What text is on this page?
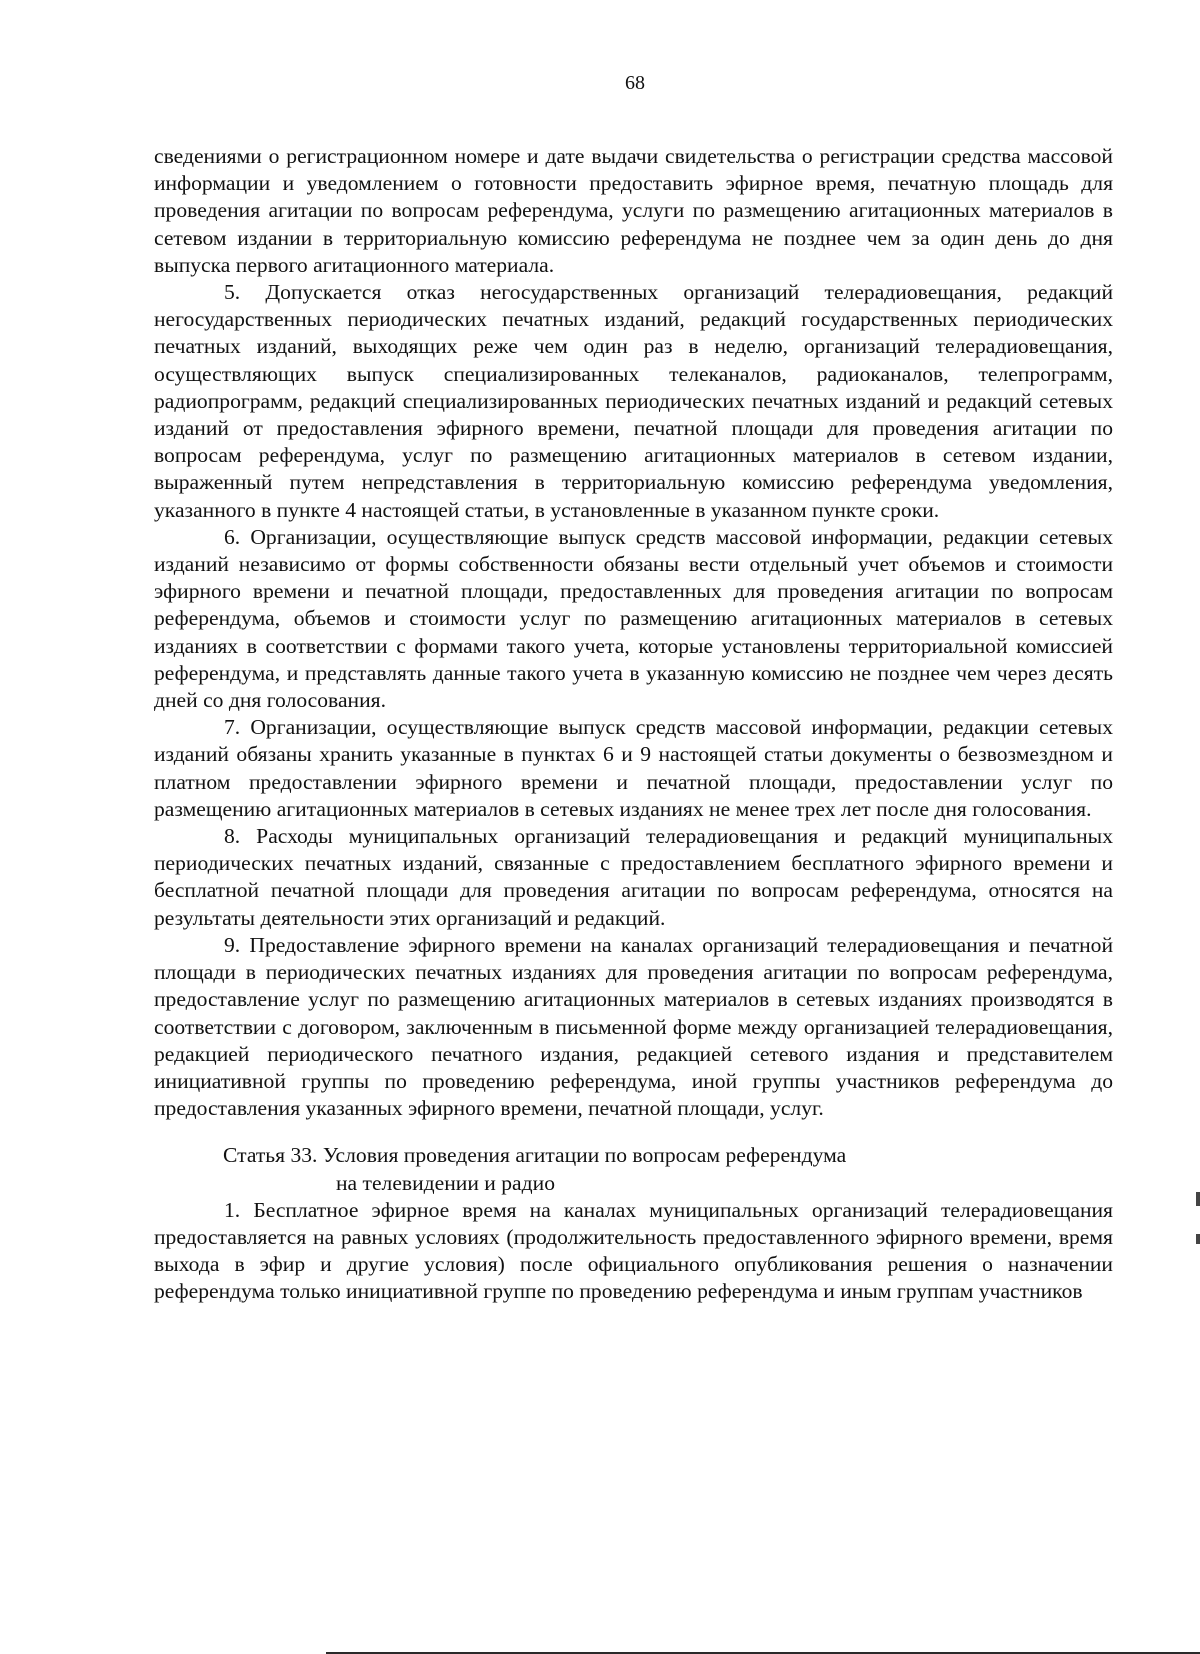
68

сведениями о регистрационном номере и дате выдачи свидетельства о регистрации средства массовой информации и уведомлением о готовности предоставить эфирное время, печатную площадь для проведения агитации по вопросам референдума, услуги по размещению агитационных материалов в сетевом издании в территориальную комиссию референдума не позднее чем за один день до дня выпуска первого агитационного материала.

5. Допускается отказ негосударственных организаций телерадиовещания, редакций негосударственных периодических печатных изданий, редакций государственных периодических печатных изданий, выходящих реже чем один раз в неделю, организаций телерадиовещания, осуществляющих выпуск специализированных телеканалов, радиоканалов, телепрограмм, радиопрограмм, редакций специализированных периодических печатных изданий и редакций сетевых изданий от предоставления эфирного времени, печатной площади для проведения агитации по вопросам референдума, услуг по размещению агитационных материалов в сетевом издании, выраженный путем непредставления в территориальную комиссию референдума уведомления, указанного в пункте 4 настоящей статьи, в установленные в указанном пункте сроки.

6. Организации, осуществляющие выпуск средств массовой информации, редакции сетевых изданий независимо от формы собственности обязаны вести отдельный учет объемов и стоимости эфирного времени и печатной площади, предоставленных для проведения агитации по вопросам референдума, объемов и стоимости услуг по размещению агитационных материалов в сетевых изданиях в соответствии с формами такого учета, которые установлены территориальной комиссией референдума, и представлять данные такого учета в указанную комиссию не позднее чем через десять дней со дня голосования.

7. Организации, осуществляющие выпуск средств массовой информации, редакции сетевых изданий обязаны хранить указанные в пунктах 6 и 9 настоящей статьи документы о безвозмездном и платном предоставлении эфирного времени и печатной площади, предоставлении услуг по размещению агитационных материалов в сетевых изданиях не менее трех лет после дня голосования.

8. Расходы муниципальных организаций телерадиовещания и редакций муниципальных периодических печатных изданий, связанные с предоставлением бесплатного эфирного времени и бесплатной печатной площади для проведения агитации по вопросам референдума, относятся на результаты деятельности этих организаций и редакций.

9. Предоставление эфирного времени на каналах организаций телерадиовещания и печатной площади в периодических печатных изданиях для проведения агитации по вопросам референдума, предоставление услуг по размещению агитационных материалов в сетевых изданиях производятся в соответствии с договором, заключенным в письменной форме между организацией телерадиовещания, редакцией периодического печатного издания, редакцией сетевого издания и представителем инициативной группы по проведению референдума, иной группы участников референдума до предоставления указанных эфирного времени, печатной площади, услуг.

Статья 33. Условия проведения агитации по вопросам референдума
на телевидении и радио

1. Бесплатное эфирное время на каналах муниципальных организаций телерадиовещания предоставляется на равных условиях (продолжительность предоставленного эфирного времени, время выхода в эфир и другие условия) после официального опубликования решения о назначении референдума только инициативной группе по проведению референдума и иным группам участников
